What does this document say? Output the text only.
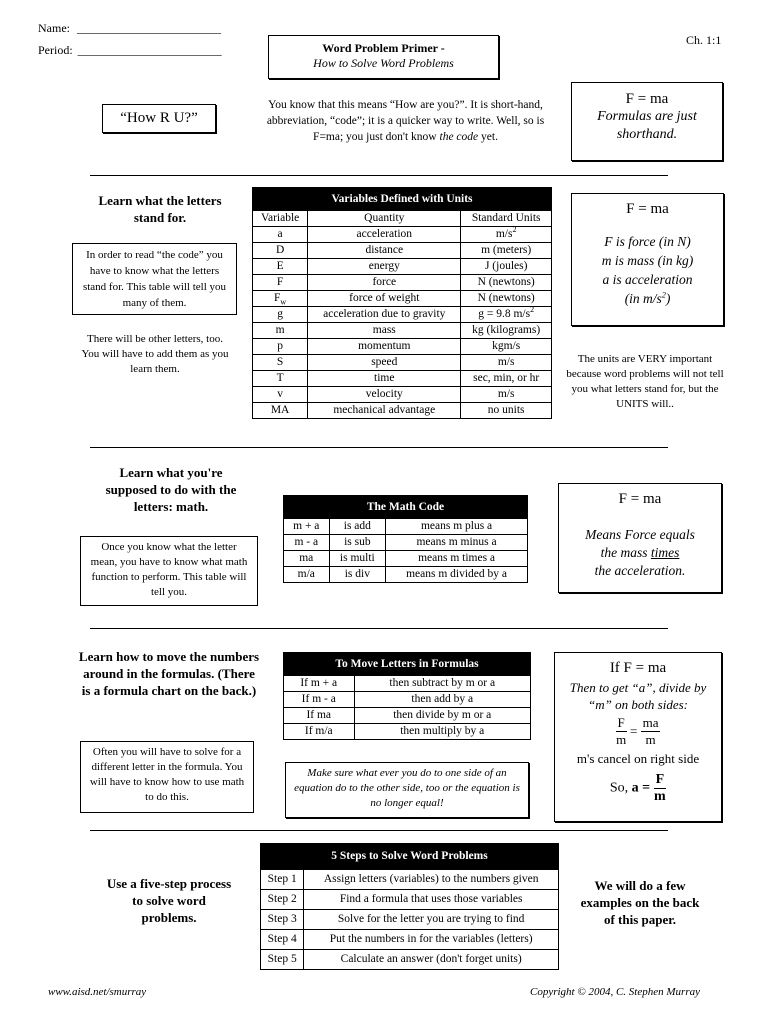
Name: ________________________
Period: ________________________
Ch. 1:1
Word Problem Primer -
How to Solve Word Problems
“How R U?”
You know that this means “How are you?”. It is short-hand, abbreviation, “code”; it is a quicker way to write. Well, so is F=ma; you just don't know the code yet.
F = ma
Formulas are just shorthand.
Learn what the letters stand for.
In order to read “the code” you have to know what the letters stand for. This table will tell you many of them.
There will be other letters, too. You will have to add them as you learn them.
Variables Defined with Units		
Variable	Quantity	Standard Units
a	acceleration	$m/s^2$
D	distance	m (meters)
E	energy	J (joules)
F	force	N (newtons)
$F_w$	force of weight	N (newtons)
g	acceleration due to gravity	g = 9.8 $m/s^2$
m	mass	kg (kilograms)
p	momentum	kgm/s
S	speed	m/s
T	time	sec, min, or hr
v	velocity	m/s
MA	mechanical advantage	no units
F = ma
F is force (in N)
m is mass (in kg)
a is acceleration
(in $m/s^2$)
The units are VERY important because word problems will not tell you what letters stand for, but the UNITS will..
Learn what you're supposed to do with the letters: math.
Once you know what the letter mean, you have to know what math function to perform. This table will tell you.
The Math Code		
m + a	is add	means m plus a
m - a	is sub	means m minus a
ma	is multi	means m times a
m/a	is div	means m divided by a
F = ma
Means Force equals
the mass times
the acceleration.
Learn how to move the numbers around in the formulas. (There is a formula chart on the back.)
Often you will have to solve for a different letter in the formula. You will have to know how to use math to do this.
To Move Letters in Formulas	
If m + a	then subtract by m or a
If m - a	then add by a
If ma	then divide by m or a
If m/a	then multiply by a
Make sure what ever you do to one side of an equation do to the other side, too or the equation is no longer equal!
If F = ma
Then to get “a”, divide by “m” on both sides:
$\frac{F}{m} = \frac{ma}{m}$
m's cancel on right side
So, $a = \frac{F}{m}$
Use a five-step process to solve word problems.
5 Steps to Solve Word Problems	
Step 1	Assign letters (variables) to the numbers given
Step 2	Find a formula that uses those variables
Step 3	Solve for the letter you are trying to find
Step 4	Put the numbers in for the variables (letters)
Step 5	Calculate an answer (don't forget units)
We will do a few examples on the back of this paper.
www.aisd.net/smurray	Copyright © 2004, C. Stephen Murray
